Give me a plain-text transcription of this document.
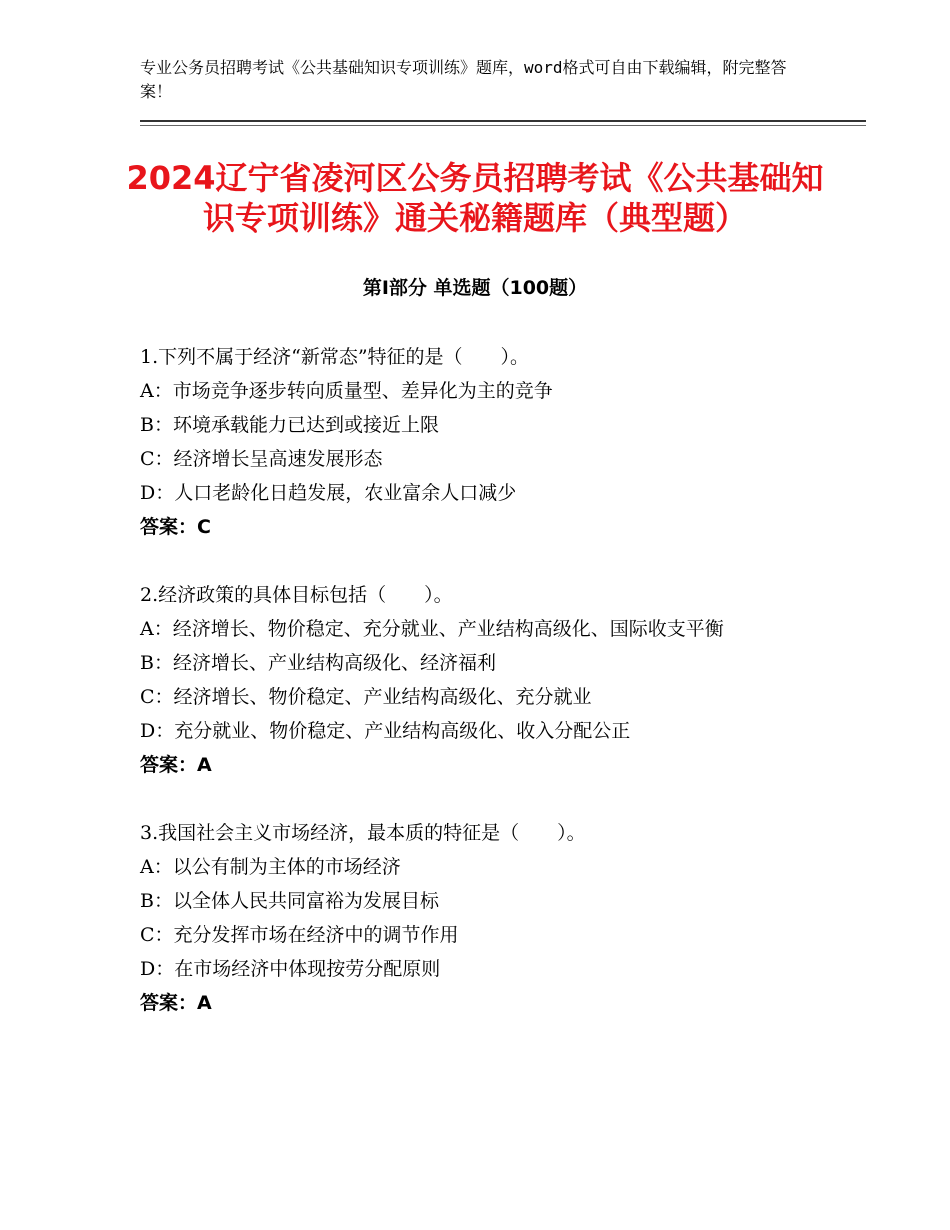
专业公务员招聘考试《公共基础知识专项训练》题库，word格式可自由下载编辑，附完整答案！
2024辽宁省凌河区公务员招聘考试《公共基础知识专项训练》通关秘籍题库（典型题）
第Ⅰ部分 单选题（100题）
1.下列不属于经济“新常态”特征的是（　　）。
A：市场竞争逐步转向质量型、差异化为主的竞争
B：环境承载能力已达到或接近上限
C：经济增长呈高速发展形态
D：人口老龄化日趋发展，农业富余人口减少
答案：C
2.经济政策的具体目标包括（　　）。
A：经济增长、物价稳定、充分就业、产业结构高级化、国际收支平衡
B：经济增长、产业结构高级化、经济福利
C：经济增长、物价稳定、产业结构高级化、充分就业
D：充分就业、物价稳定、产业结构高级化、收入分配公正
答案：A
3.我国社会主义市场经济，最本质的特征是（　　）。
A：以公有制为主体的市场经济
B：以全体人民共同富裕为发展目标
C：充分发挥市场在经济中的调节作用
D：在市场经济中体现按劳分配原则
答案：A
